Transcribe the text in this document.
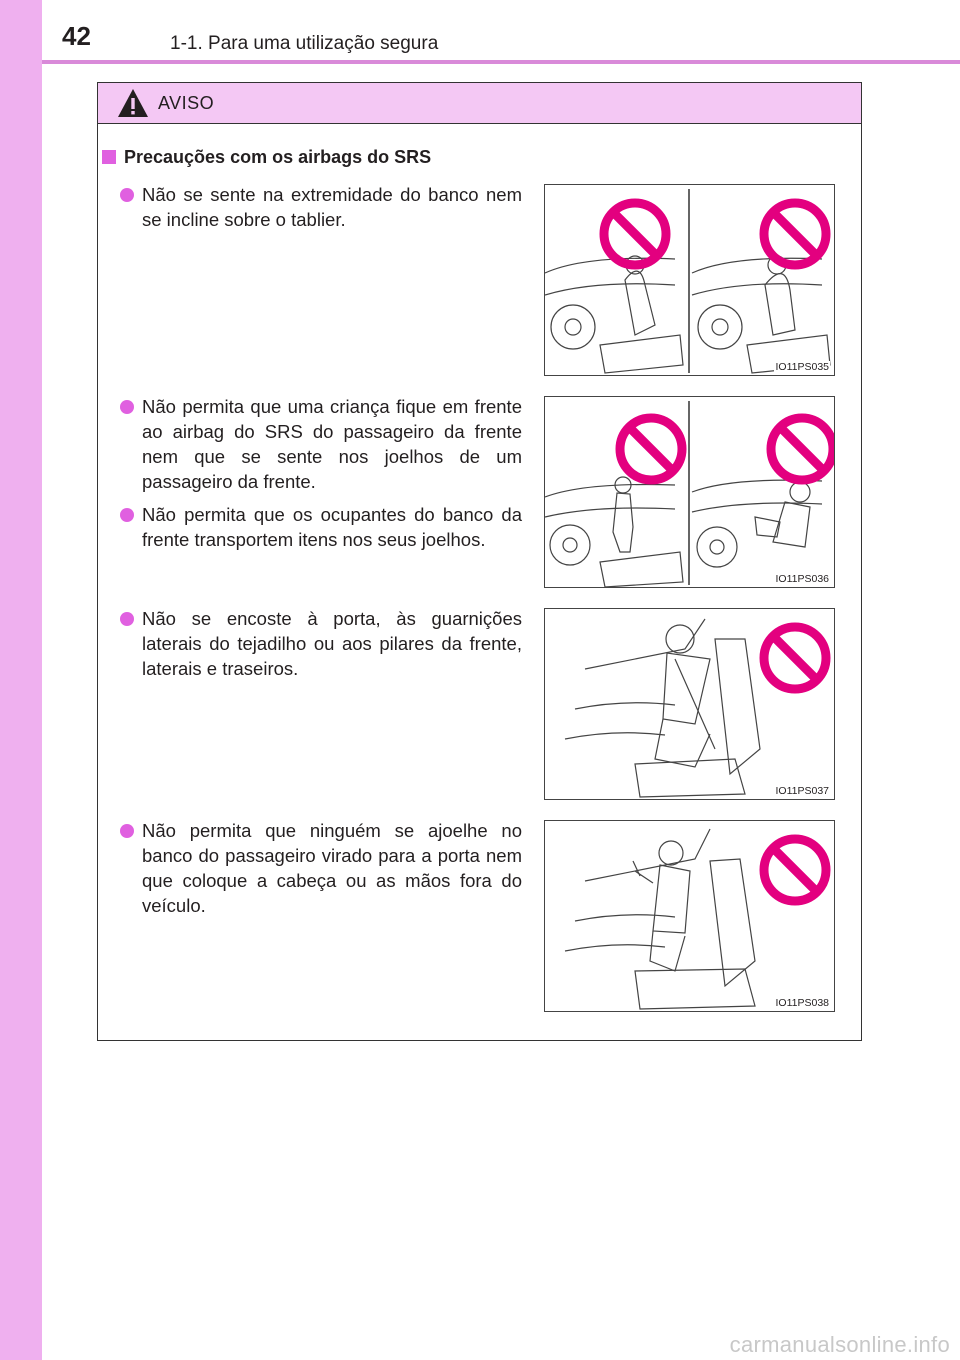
42	1-1. Para uma utilização segura
AVISO
Precauções com os airbags do SRS
Não se sente na extremidade do banco nem se incline sobre o tablier.
Não permita que uma criança fique em frente ao airbag do SRS do passageiro da frente nem que se sente nos joelhos de um passageiro da frente.
Não permita que os ocupantes do banco da frente transportem itens nos seus joelhos.
Não se encoste à porta, às guarnições laterais do tejadilho ou aos pilares da frente, laterais e traseiros.
Não permita que ninguém se ajoelhe no banco do passageiro virado para a porta nem que coloque a cabeça ou as mãos fora do veículo.
IO11PS035
IO11PS036
IO11PS037
IO11PS038
carmanualsonline.info
